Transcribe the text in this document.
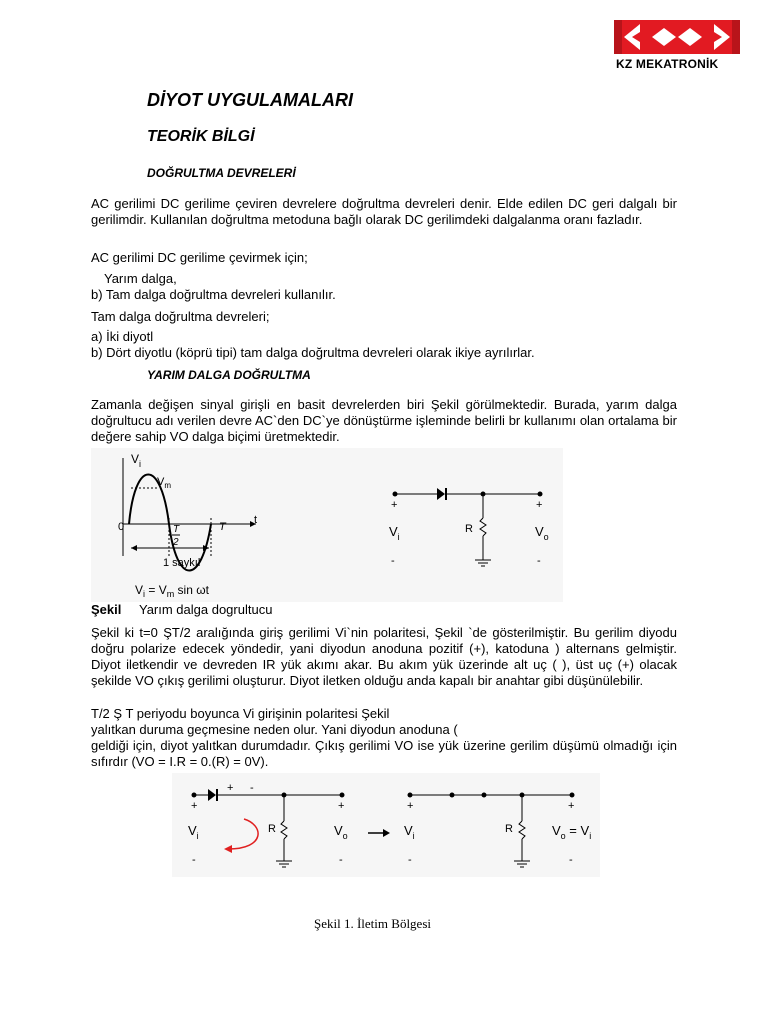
KZ MEKATRONİK
DİYOT UYGULAMALARI
TEORİK BİLGİ
DOĞRULTMA DEVRELERİ
AC gerilimi DC gerilime çeviren devrelere doğrultma devreleri denir. Elde edilen DC geri dalgalı bir gerilimdir. Kullanılan doğrultma metoduna bağlı olarak DC gerilimdeki dalgalanma oranı fazladır.
AC gerilimi DC gerilime çevirmek için;
Yarım dalga,
b) Tam dalga doğrultma devreleri kullanılır.
Tam dalga doğrultma devreleri;
a) İki diyotl
b) Dört diyotlu (köprü tipi) tam dalga doğrultma devreleri olarak ikiye ayrılırlar.
YARIM DALGA DOĞRULTMA
Zamanla değişen sinyal girişli en basit devrelerden biri Şekil görülmektedir. Burada, yarım dalga doğrultucu adı verilen devre AC`den DC`ye dönüştürme işleminde belirli br kullanımı olan ortalama bir değere sahip VO dalga biçimi üretmektedir.
$V_i$
$V_m$
t
0	T
2
T
1 saykıl
$V_i = V_m$ sin ωt
R
+	+
-	-
$V_i$	$V_o$
Şekil Yarım dalga dogrultucu
Şekil ki t=0 ŞT/2 aralığında giriş gerilimi Vi`nin polaritesi, Şekil `de gösterilmiştir. Bu gerilim diyodu doğru polarize edecek yöndedir, yani diyodun anoduna pozitif (+), katoduna ) alternans gelmiştir. Diyot iletkendir ve devreden IR yük akımı akar. Bu akım yük üzerinde alt uç ( ), üst uç (+) olacak şekilde VO çıkış gerilimi oluşturur. Diyot iletken olduğu anda kapalı bir anahtar gibi düşünülebilir.
T/2 Ş T periyodu boyunca Vi girişinin polaritesi Şekil
yalıtkan duruma geçmesine neden olur. Yani diyodun anoduna (
geldiği için, diyot yalıtkan durumdadır. Çıkış gerilimi VO ise yük üzerine gerilim düşümü olmadığı için sıfırdır (VO = I.R = 0.(R) = 0V).
R
+ -
+	+
-	-
$V_i$	$V_o$
R
+	+
-	-
$V_i$	$V_o = V_i$
Şekil 1. İletim Bölgesi
